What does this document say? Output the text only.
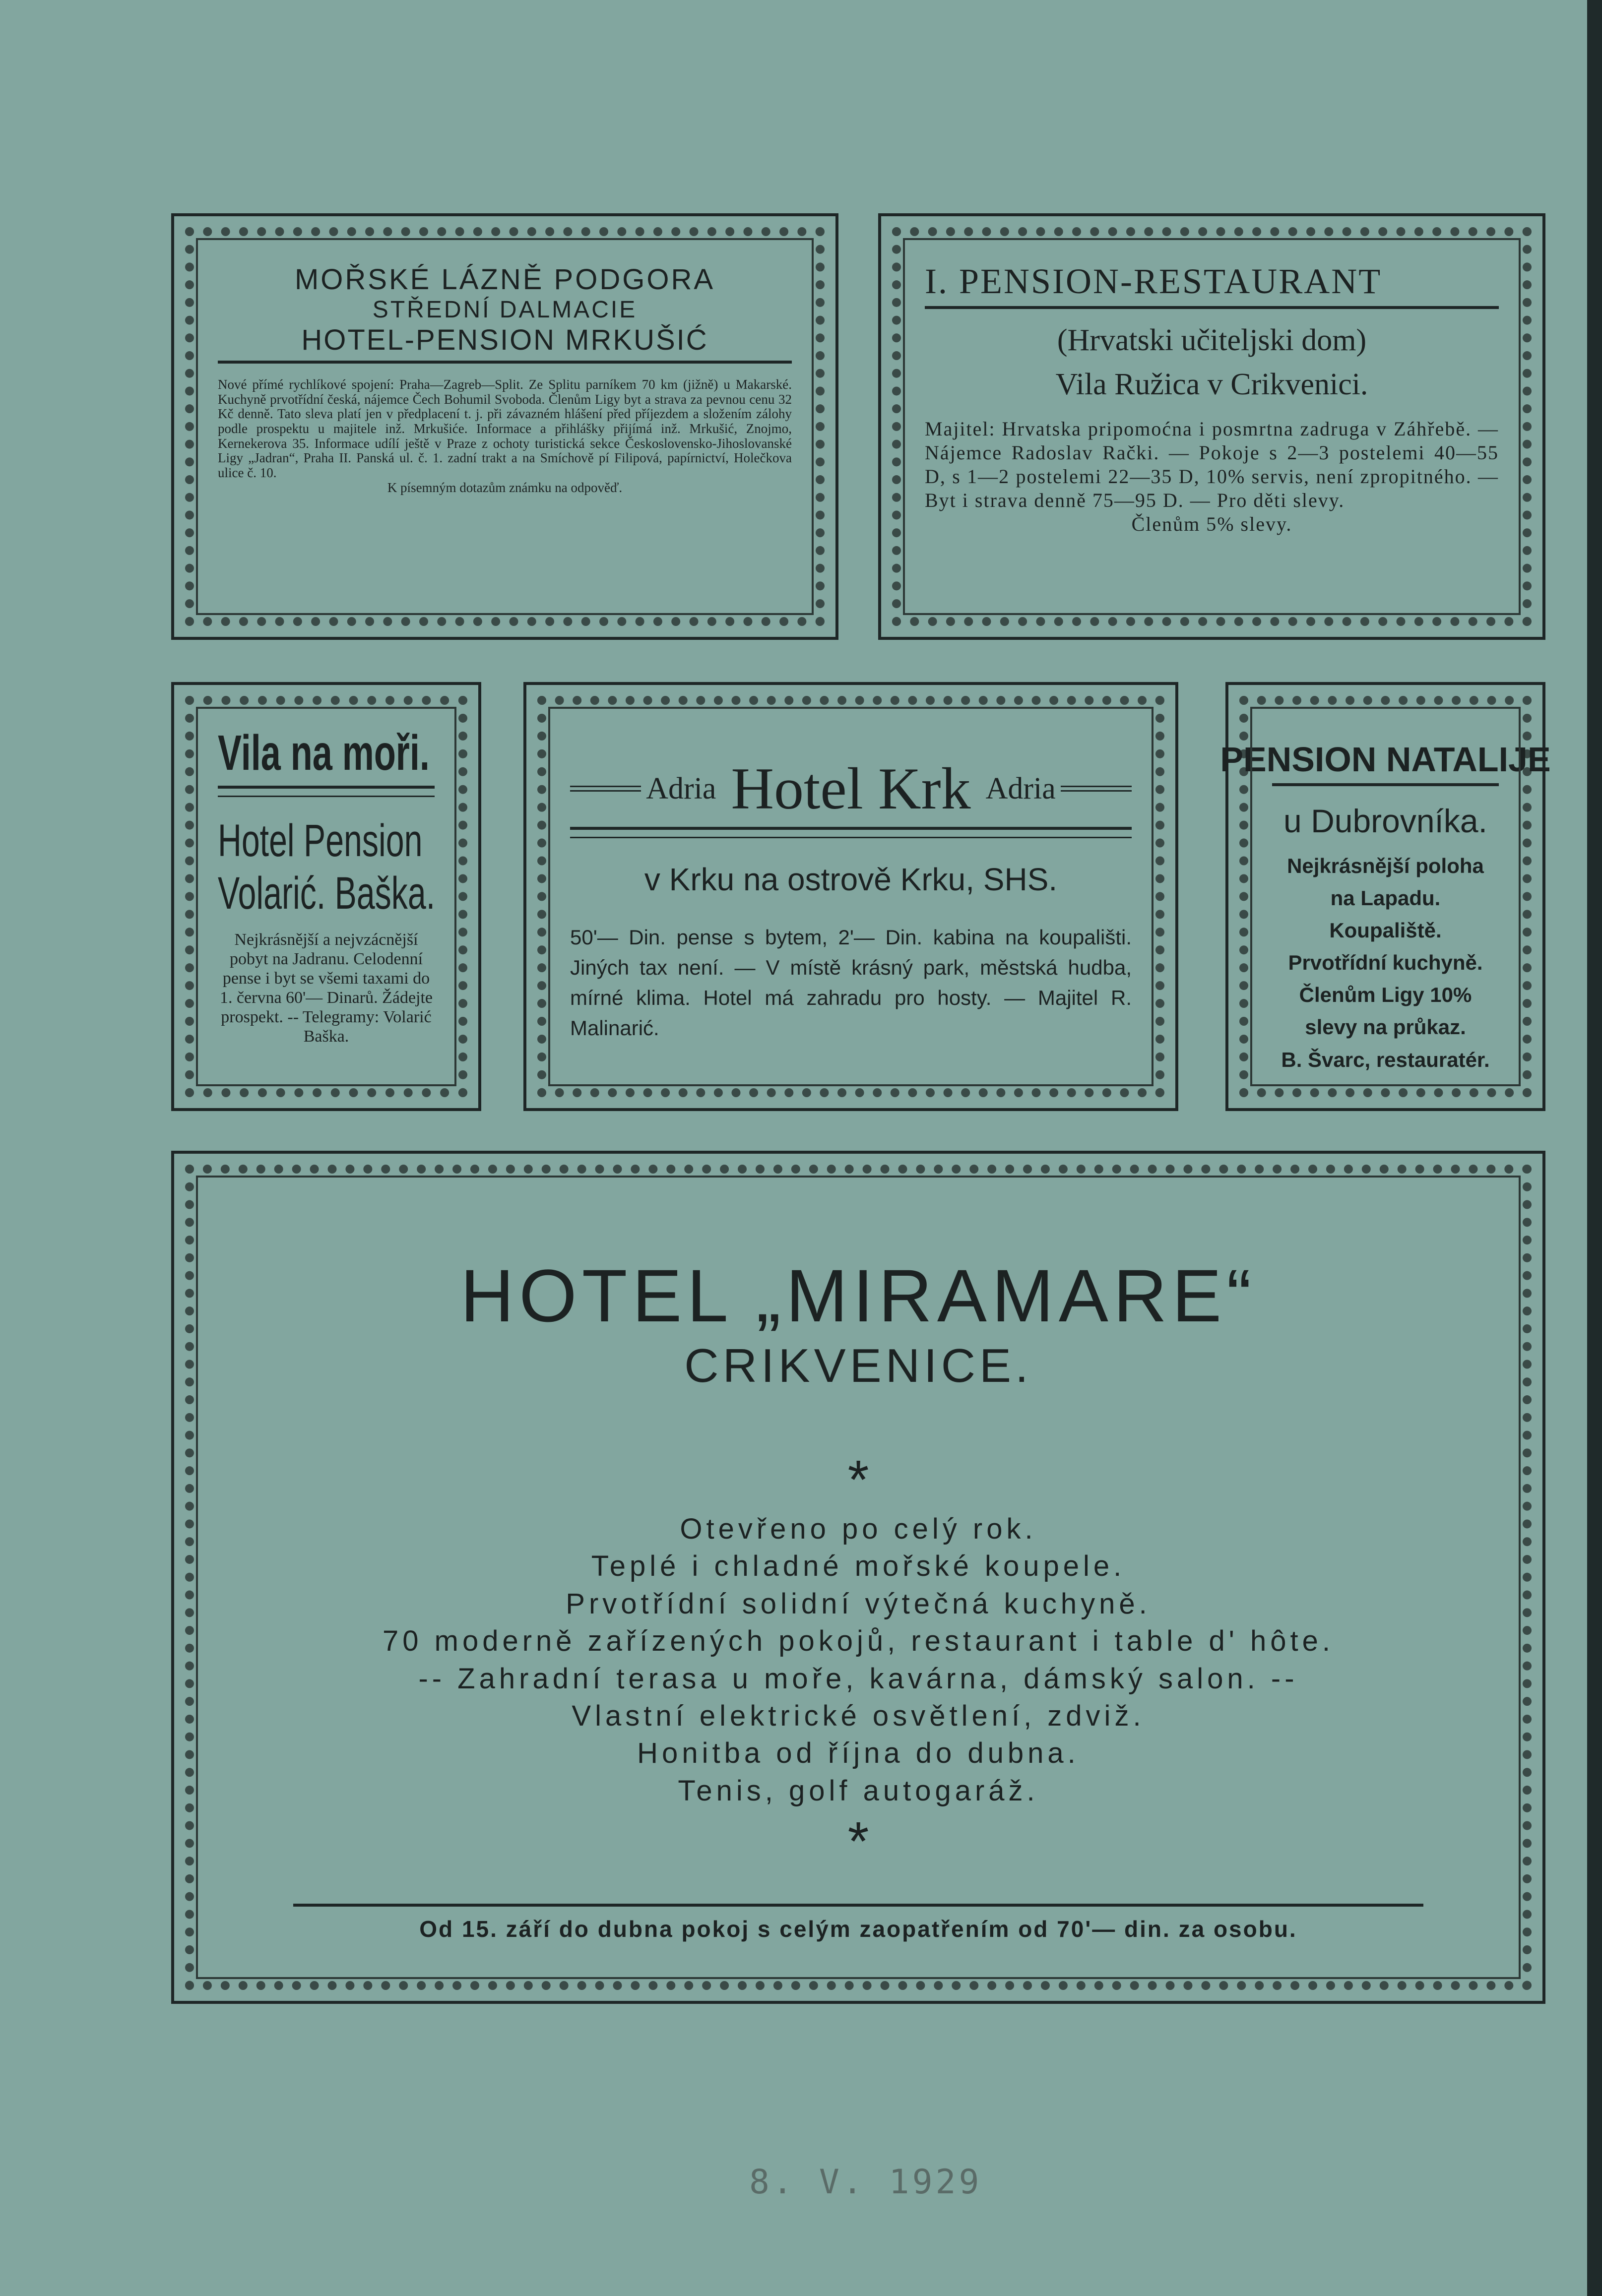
MOŘSKÉ LÁZNĚ PODGORA
STŘEDNÍ DALMACIE
HOTEL-PENSION MRKUŠIĆ
Nové přímé rychlíkové spojení: Praha—Zagreb—Split. Ze Splitu parníkem 70 km (jižně) u Makarské. Kuchyně prvotřídní česká, nájemce Čech Bohumil Svoboda. Členům Ligy byt a strava za pevnou cenu 32 Kč denně. Tato sleva platí jen v předplacení t. j. při závazném hlášení před příjezdem a složením zálohy podle prospektu u majitele inž. Mrkušiće. Informace a přihlášky přijímá inž. Mrkušić, Znojmo, Kernekerova 35. Informace udílí ještě v Praze z ochoty turistická sekce Československo-Jihoslovanské Ligy „Jadran“, Praha II. Panská ul. č. 1. zadní trakt a na Smíchově pí Filipová, papírnictví, Holečkova ulice č. 10.
K písemným dotazům známku na odpověď.
I. PENSION-RESTAURANT
(Hrvatski učiteljski dom)
Vila Ružica v Crikvenici.
Majitel: Hrvatska pripomoćna i posmrtna zadruga v Záhřebě. — Nájemce Radoslav Rački. — Pokoje s 2—3 postelemi 40—55 D, s 1—2 postelemi 22—35 D, 10% servis, není zpropitného. — Byt i strava denně 75—95 D. — Pro děti slevy.
Členům 5% slevy.
Vila na moři.
Hotel Pension
Volarić. Baška.
Nejkrásnější a nejvzácnější pobyt na Jadranu. Celodenní pense i byt se všemi taxami do 1. června 60'— Dinarů. Žádejte prospekt. -- Telegramy: Volarić Baška.
Adria Hotel Krk Adria
v Krku na ostrově Krku, SHS.
50'— Din. pense s bytem, 2'— Din. kabina na koupališti. Jiných tax není. — V místě krásný park, městská hudba, mírné klima. Hotel má zahradu pro hosty. — Majitel R. Malinarić.
PENSION NATALIJE
u Dubrovníka.
Nejkrásnější poloha
na Lapadu. Koupaliště.
Prvotřídní kuchyně.
Členům Ligy 10%
slevy na průkaz.
B. Švarc, restauratér.
HOTEL „MIRAMARE“
CRIKVENICE.
*
Otevřeno po celý rok.
Teplé i chladné mořské koupele.
Prvotřídní solidní výtečná kuchyně.
70 moderně zařízených pokojů, restaurant i table d' hôte.
-- Zahradní terasa u moře, kavárna, dámský salon. --
Vlastní elektrické osvětlení, zdviž.
Honitba od října do dubna.
Tenis, golf autogaráž.
*
Od 15. září do dubna pokoj s celým zaopatřením od 70'— din. za osobu.
8. V. 1929
